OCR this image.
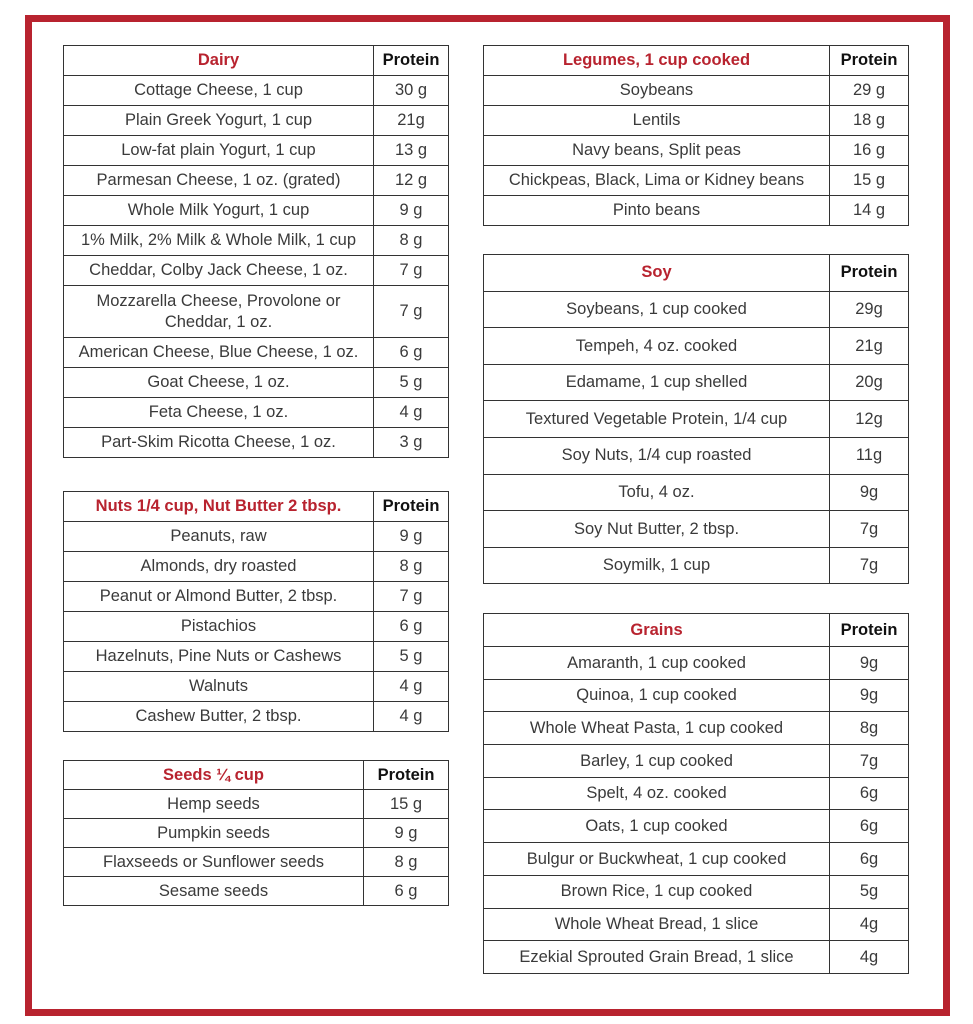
Dairy	Protein
Cottage Cheese, 1 cup	30 g
Plain Greek Yogurt, 1 cup	21g
Low-fat plain Yogurt, 1 cup	13 g
Parmesan Cheese, 1 oz. (grated)	12 g
Whole Milk Yogurt, 1 cup	9 g
1% Milk, 2% Milk & Whole Milk, 1 cup	8 g
Cheddar, Colby Jack Cheese, 1 oz.	7 g
Mozzarella Cheese, Provolone or Cheddar, 1 oz.	7 g
American Cheese, Blue Cheese, 1 oz.	6 g
Goat Cheese, 1 oz.	5 g
Feta Cheese, 1 oz.	4 g
Part-Skim Ricotta Cheese, 1 oz.	3 g
Nuts 1/4 cup, Nut Butter 2 tbsp.	Protein
Peanuts, raw	9 g
Almonds, dry roasted	8 g
Peanut or Almond Butter, 2 tbsp.	7 g
Pistachios	6 g
Hazelnuts, Pine Nuts or Cashews	5 g
Walnuts	4 g
Cashew Butter, 2 tbsp.	4 g
Seeds ¼ cup	Protein
Hemp seeds	15 g
Pumpkin seeds	9 g
Flaxseeds or Sunflower seeds	8 g
Sesame seeds	6 g
Legumes, 1 cup cooked	Protein
Soybeans	29 g
Lentils	18 g
Navy beans, Split peas	16 g
Chickpeas, Black, Lima or Kidney beans	15 g
Pinto beans	14 g
Soy	Protein
Soybeans, 1 cup cooked	29g
Tempeh, 4 oz. cooked	21g
Edamame, 1 cup shelled	20g
Textured Vegetable Protein, 1/4 cup	12g
Soy Nuts, 1/4 cup roasted	11g
Tofu, 4 oz.	9g
Soy Nut Butter, 2 tbsp.	7g
Soymilk, 1 cup	7g
Grains	Protein
Amaranth, 1 cup cooked	9g
Quinoa, 1 cup cooked	9g
Whole Wheat Pasta, 1 cup cooked	8g
Barley, 1 cup cooked	7g
Spelt, 4 oz. cooked	6g
Oats, 1 cup cooked	6g
Bulgur or Buckwheat, 1 cup cooked	6g
Brown Rice, 1 cup cooked	5g
Whole Wheat Bread, 1 slice	4g
Ezekial Sprouted Grain Bread, 1 slice	4g
